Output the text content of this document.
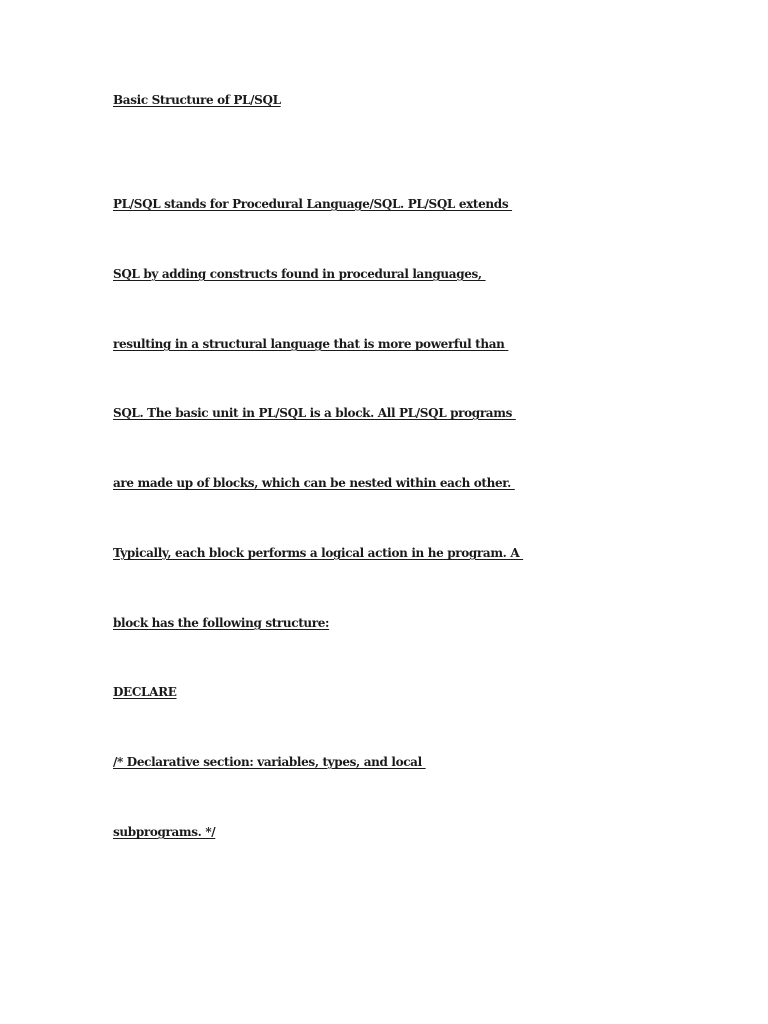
Basic Structure of PL/SQL

PL/SQL stands for Procedural Language/SQL. PL/SQL extends

SQL by adding constructs found in procedural languages,

resulting in a structural language that is more powerful than

SQL. The basic unit in PL/SQL is a block. All PL/SQL programs

are made up of blocks, which can be nested within each other.

Typically, each block performs a logical action in he program. A

block has the following structure:

DECLARE

/* Declarative section: variables, types, and local

subprograms. */
